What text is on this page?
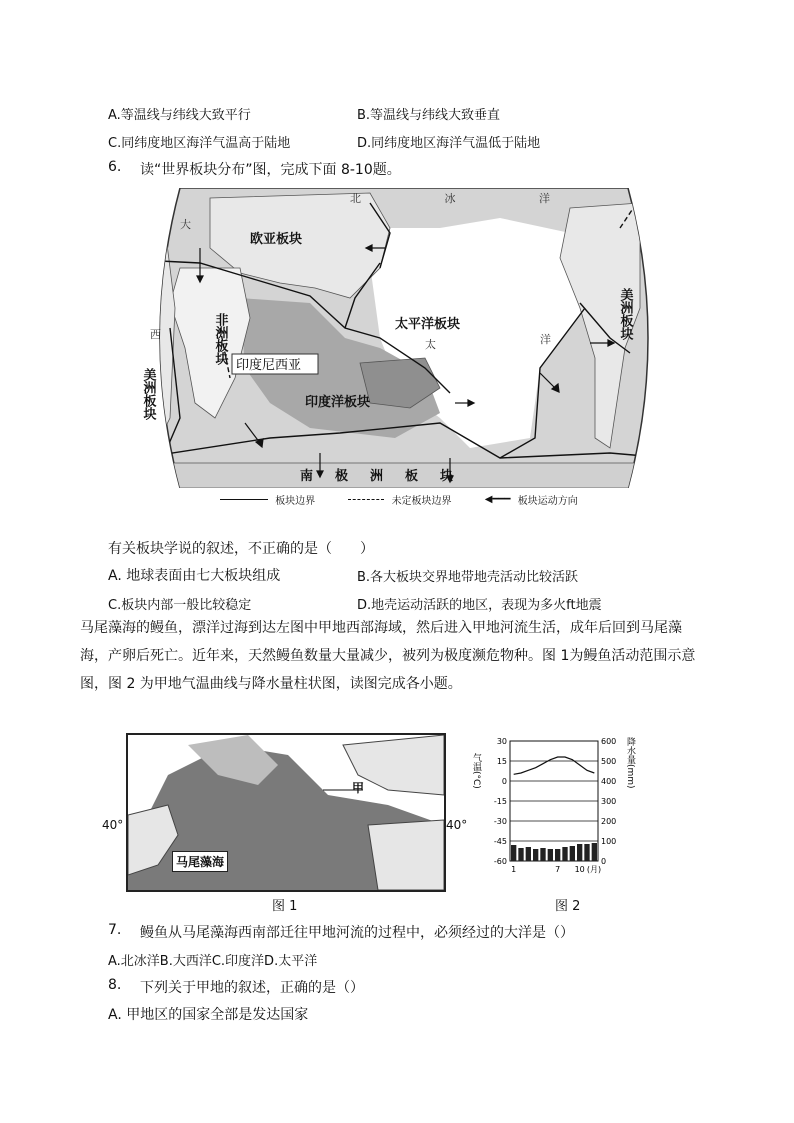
A.等温线与纬线大致平行	B.等温线与纬线大致垂直
C.同纬度地区海洋气温高于陆地	D.同纬度地区海洋气温低于陆地
6. 读“世界板块分布”图，完成下面 8-10题。
欧亚板块
非洲板块	太平洋板块
印度洋板块
南极洲板块
美洲板块
美洲板块
北 冰 洋
大
西	洋
太
印度尼西亚
板块边界	未定板块边界	◀━━━ 板块运动方向
有关板块学说的叙述，不正确的是（　　）
A. 地球表面由七大板块组成	B.各大板块交界地带地壳活动比较活跃
C.板块内部一般比较稳定	D.地壳运动活跃的地区，表现为多火ft地震
马尾藻海的鳗鱼，漂洋过海到达左图中甲地西部海域，然后进入甲地河流生活，成年后回到马尾藻
海，产卵后死亡。近年来，天然鳗鱼数量大量减少，被列为极度濒危物种。图 1为鳗鱼活动范围示意
图，图 2 为甲地气温曲线与降水量柱状图，读图完成各小题。
甲
40°	40°
马尾藻海
图 1
30
15
0
-15
-30
-45
-60
600
500
400
300
200
100
0
1	7 10 (月)
气温(°C)	降水量(mm)
图 2
7. 鳗鱼从马尾藻海西南部迁往甲地河流的过程中，必须经过的大洋是（）
A.北冰洋B.大西洋C.印度洋D.太平洋
8. 下列关于甲地的叙述，正确的是（）
A. 甲地区的国家全部是发达国家
